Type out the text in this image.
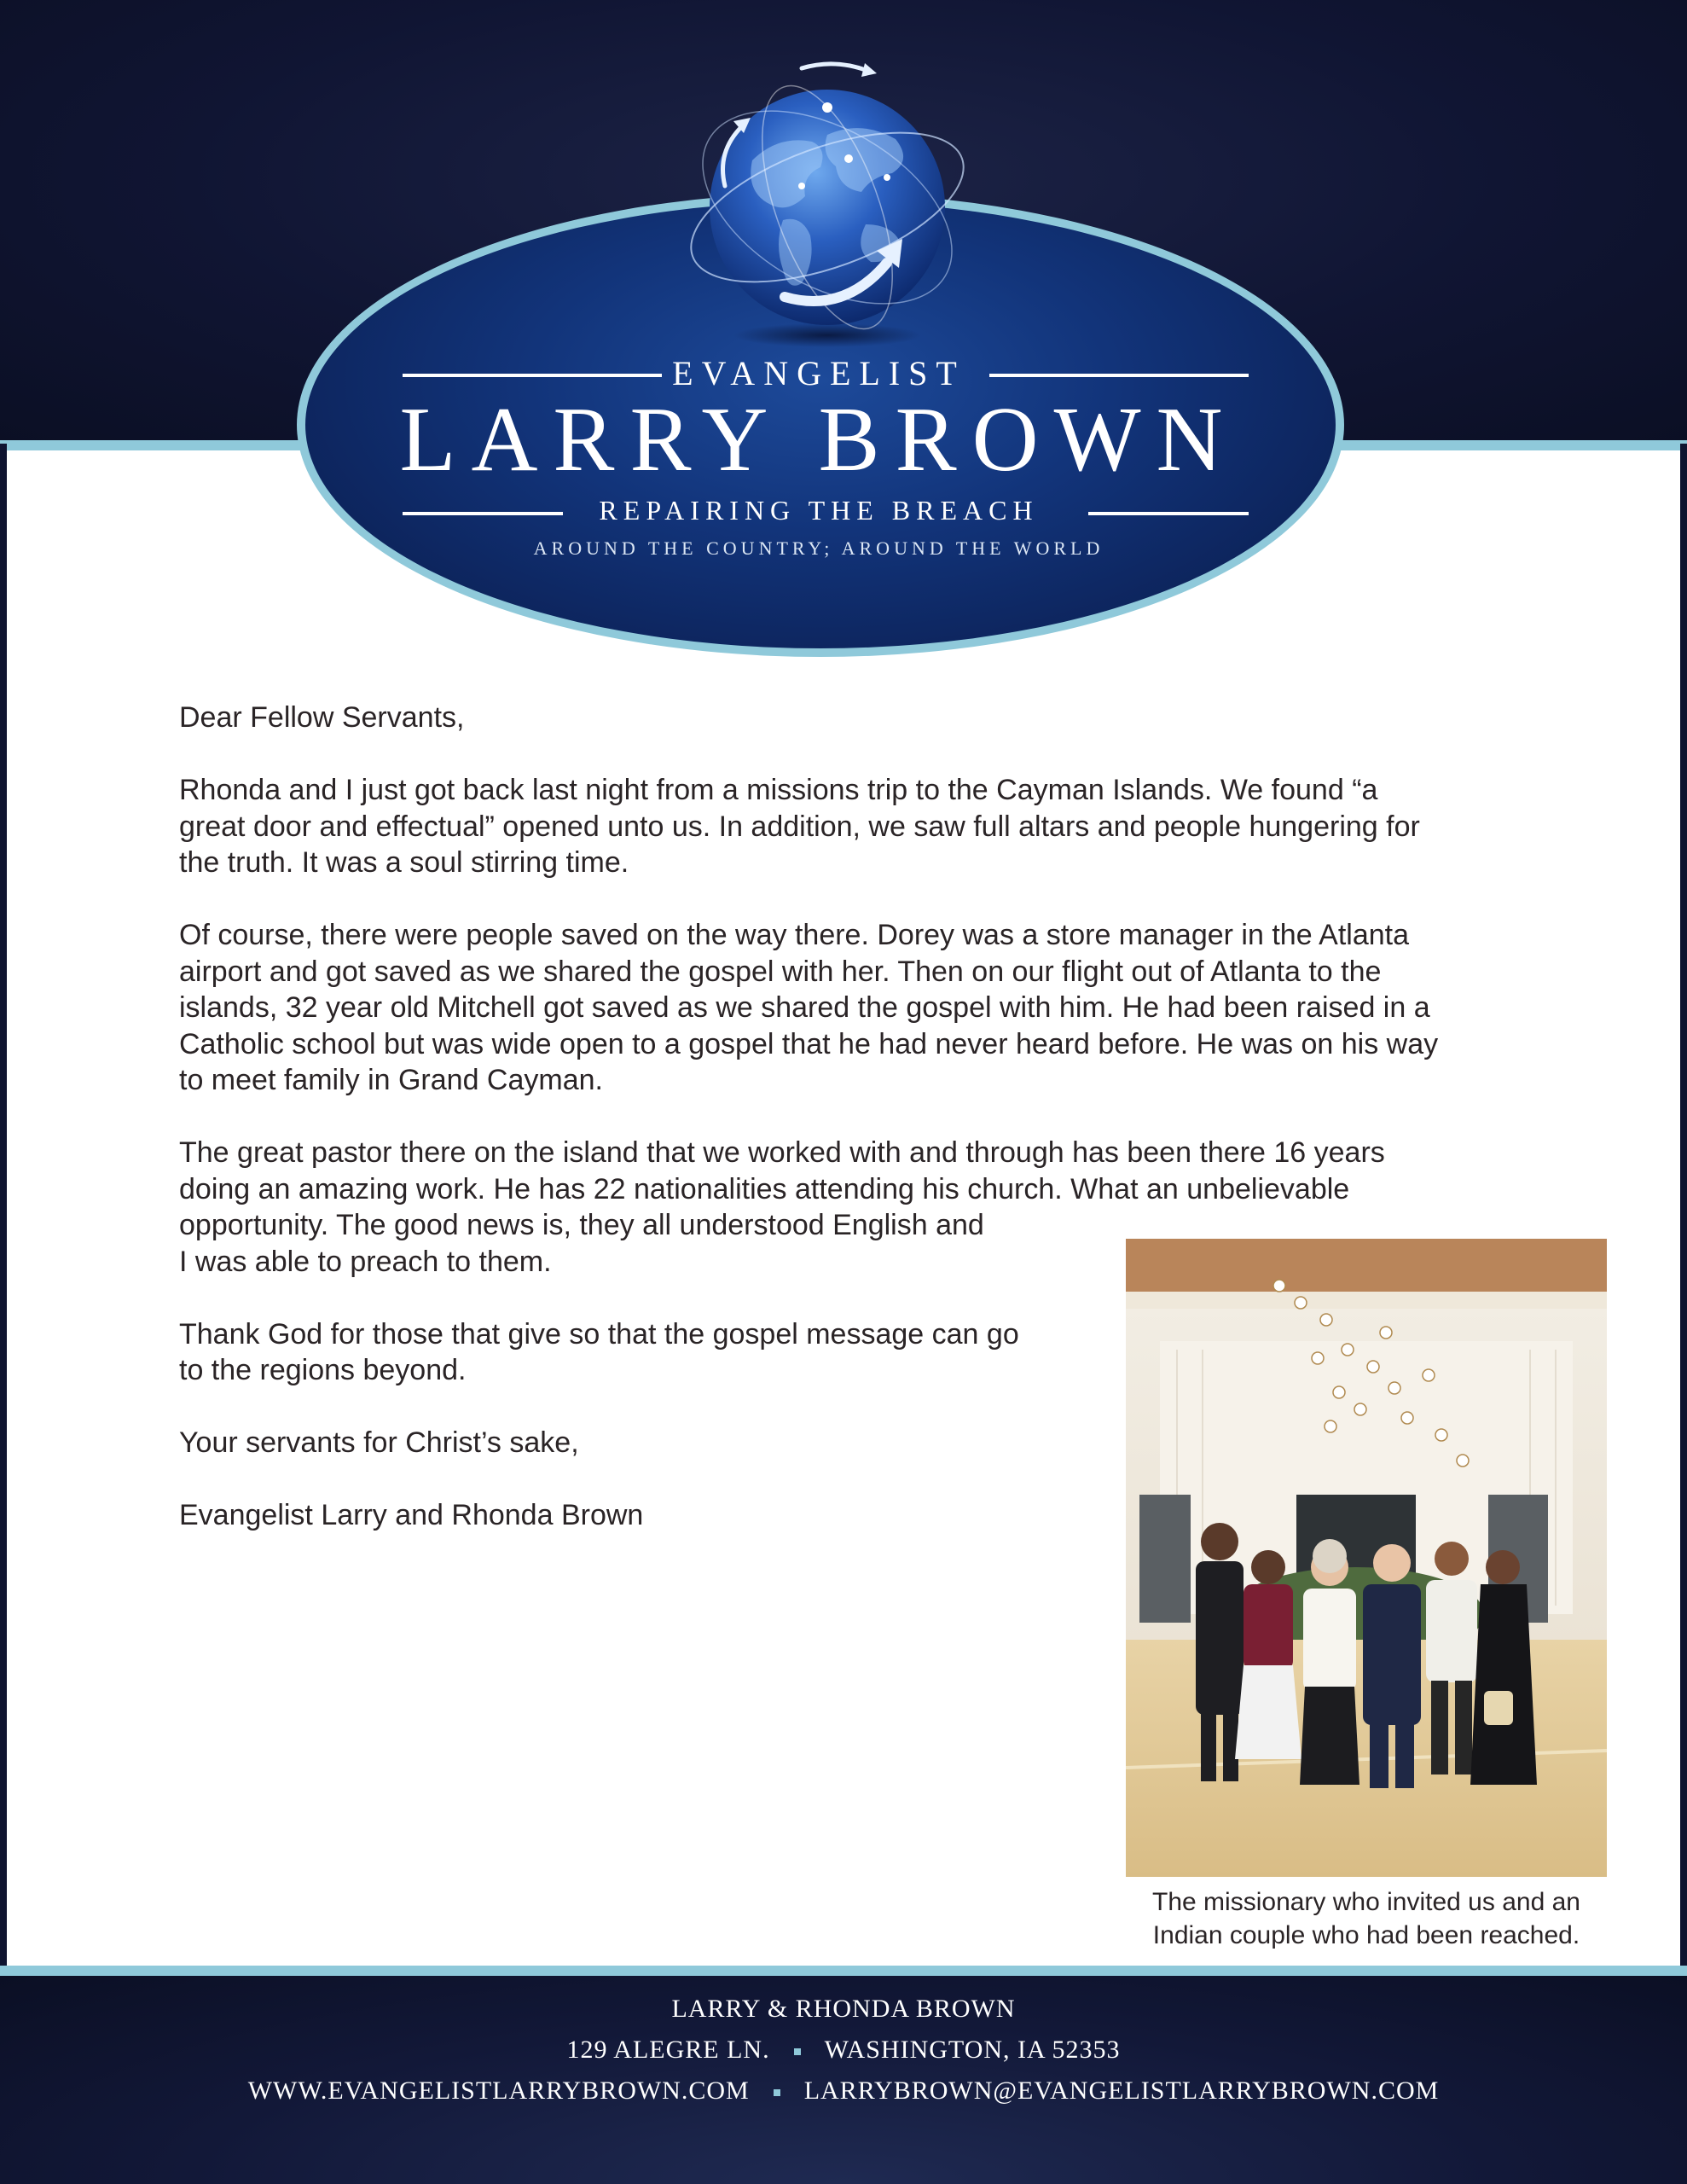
EVANGELIST
LARRY BROWN
REPAIRING THE BREACH
AROUND THE COUNTRY; AROUND THE WORLD

Dear Fellow Servants,

Rhonda and I just got back last night from a missions trip to the Cayman Islands. We found “a
great door and effectual” opened unto us. In addition, we saw full altars and people hungering for
the truth. It was a soul stirring time.

Of course, there were people saved on the way there. Dorey was a store manager in the Atlanta
airport and got saved as we shared the gospel with her. Then on our flight out of Atlanta to the
islands, 32 year old Mitchell got saved as we shared the gospel with him. He had been raised in a
Catholic school but was wide open to a gospel that he had never heard before. He was on his way
to meet family in Grand Cayman.

The great pastor there on the island that we worked with and through has been there 16 years
doing an amazing work. He has 22 nationalities attending his church. What an unbelievable
opportunity. The good news is, they all understood English and
I was able to preach to them.

Thank God for those that give so that the gospel message can go
to the regions beyond.

Your servants for Christ’s sake,

Evangelist Larry and Rhonda Brown

The missionary who invited us and an
Indian couple who had been reached.
LARRY & RHONDA BROWN
129 ALEGRE LN. WASHINGTON, IA 52353
WWW.EVANGELISTLARRYBROWN.COM LARRYBROWN@EVANGELISTLARRYBROWN.COM
